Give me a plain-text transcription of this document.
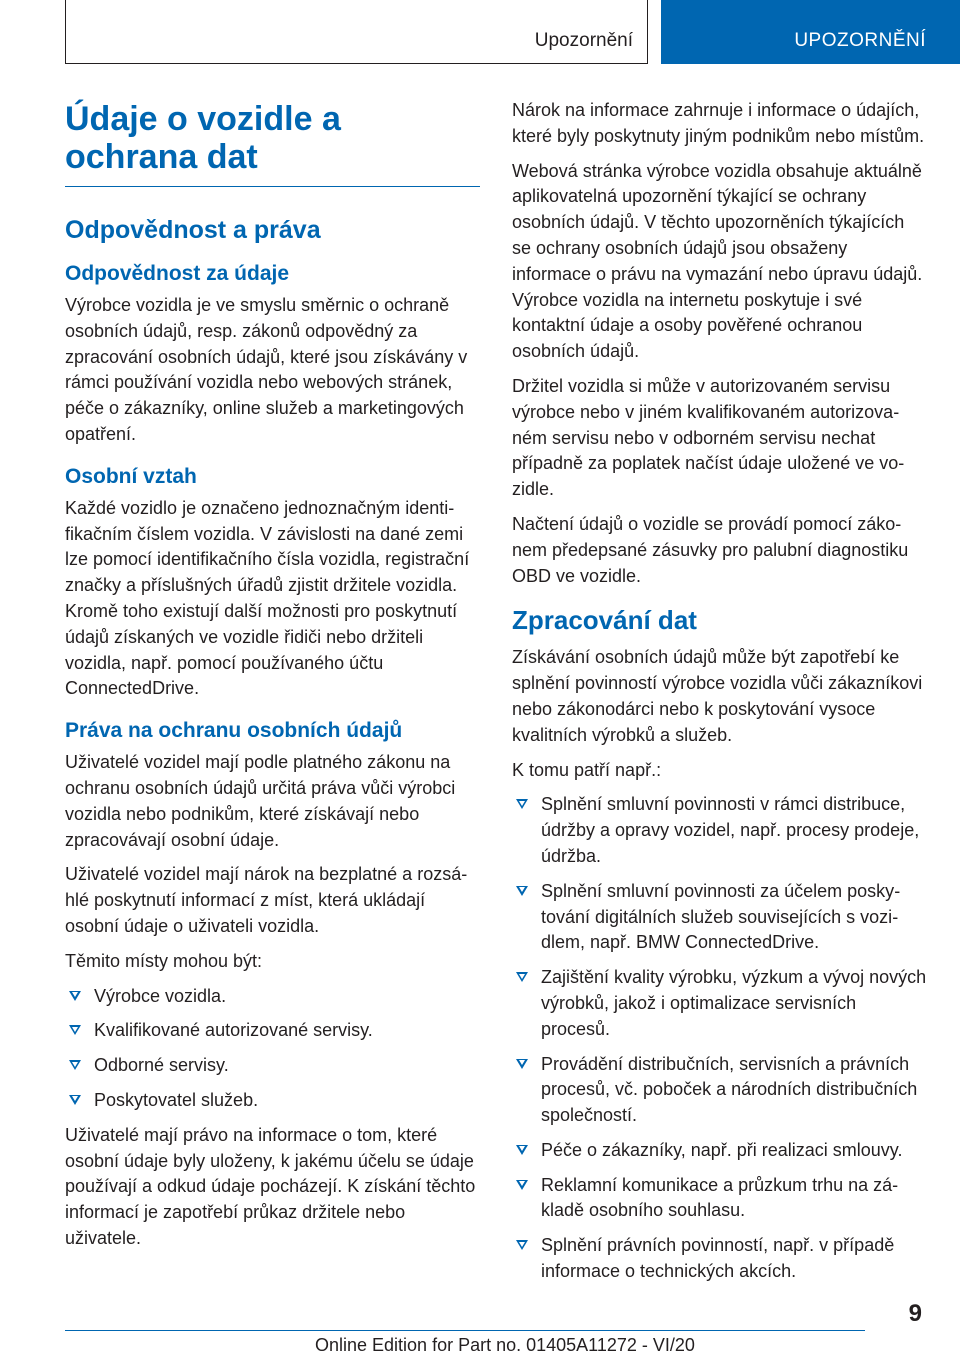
Upozornění	UPOZORNĚNÍ
Údaje o vozidle a ochrana dat
Odpovědnost a práva
Odpovědnost za údaje

Výrobce vozidla je ve smyslu směrnic o ochraně osobních údajů, resp. zákonů odpovědný za zpracování osobních údajů, které jsou získávány v rámci používání vozidla nebo webových stránek, péče o zákazníky, online služeb a marketingových opatření.

Osobní vztah

Každé vozidlo je označeno jednoznačným identifikačním číslem vozidla. V závislosti na dané zemi lze pomocí identifikačního čísla vozidla, registrační značky a příslušných úřadů zjistit držitele vozidla. Kromě toho existují další možnosti pro poskytnutí údajů získaných ve vozidle řidiči nebo držiteli vozidla, např. pomocí používaného účtu ConnectedDrive.

Práva na ochranu osobních údajů

Uživatelé vozidel mají podle platného zákonu na ochranu osobních údajů určitá práva vůči výrobci vozidla nebo podnikům, které získávají nebo zpracovávají osobní údaje.

Uživatelé vozidel mají nárok na bezplatné a rozsáhlé poskytnutí informací z míst, která ukládají osobní údaje o uživateli vozidla.

Těmito místy mohou být:

Výrobce vozidla.
Kvalifikované autorizované servisy.
Odborné servisy.
Poskytovatel služeb.

Uživatelé mají právo na informace o tom, které osobní údaje byly uloženy, k jakému účelu se údaje používají a odkud údaje pocházejí. K získání těchto informací je zapotřebí průkaz držitele nebo uživatele.

Nárok na informace zahrnuje i informace o údajích, které byly poskytnuty jiným podnikům nebo místům.

Webová stránka výrobce vozidla obsahuje aktuálně aplikovatelná upozornění týkající se ochrany osobních údajů. V těchto upozorněních týkajících se ochrany osobních údajů jsou obsaženy informace o právu na vymazání nebo úpravu údajů. Výrobce vozidla na internetu poskytuje i své kontaktní údaje a osoby pověřené ochranou osobních údajů.

Držitel vozidla si může v autorizovaném servisu výrobce nebo v jiném kvalifikovaném autorizovaném servisu nebo v odborném servisu nechat případně za poplatek načíst údaje uložené ve vozidle.

Načtení údajů o vozidle se provádí pomocí zákonem předepsané zásuvky pro palubní diagnostiku OBD ve vozidle.

Zpracování dat

Získávání osobních údajů může být zapotřebí ke splnění povinností výrobce vozidla vůči zákazníkovi nebo zákonodárci nebo k poskytování vysoce kvalitních výrobků a služeb.

K tomu patří např.:

Splnění smluvní povinnosti v rámci distribuce, údržby a opravy vozidel, např. procesy prodeje, údržba.
Splnění smluvní povinnosti za účelem poskytování digitálních služeb souvisejících s vozidlem, např. BMW ConnectedDrive.
Zajištění kvality výrobku, výzkum a vývoj nových výrobků, jakož i optimalizace servisních procesů.
Provádění distribučních, servisních a právních procesů, vč. poboček a národních distribučních společností.
Péče o zákazníky, např. při realizaci smlouvy.
Reklamní komunikace a průzkum trhu na základě osobního souhlasu.
Splnění právních povinností, např. v případě informace o technických akcích.
9
Online Edition for Part no. 01405A11272 - VI/20
